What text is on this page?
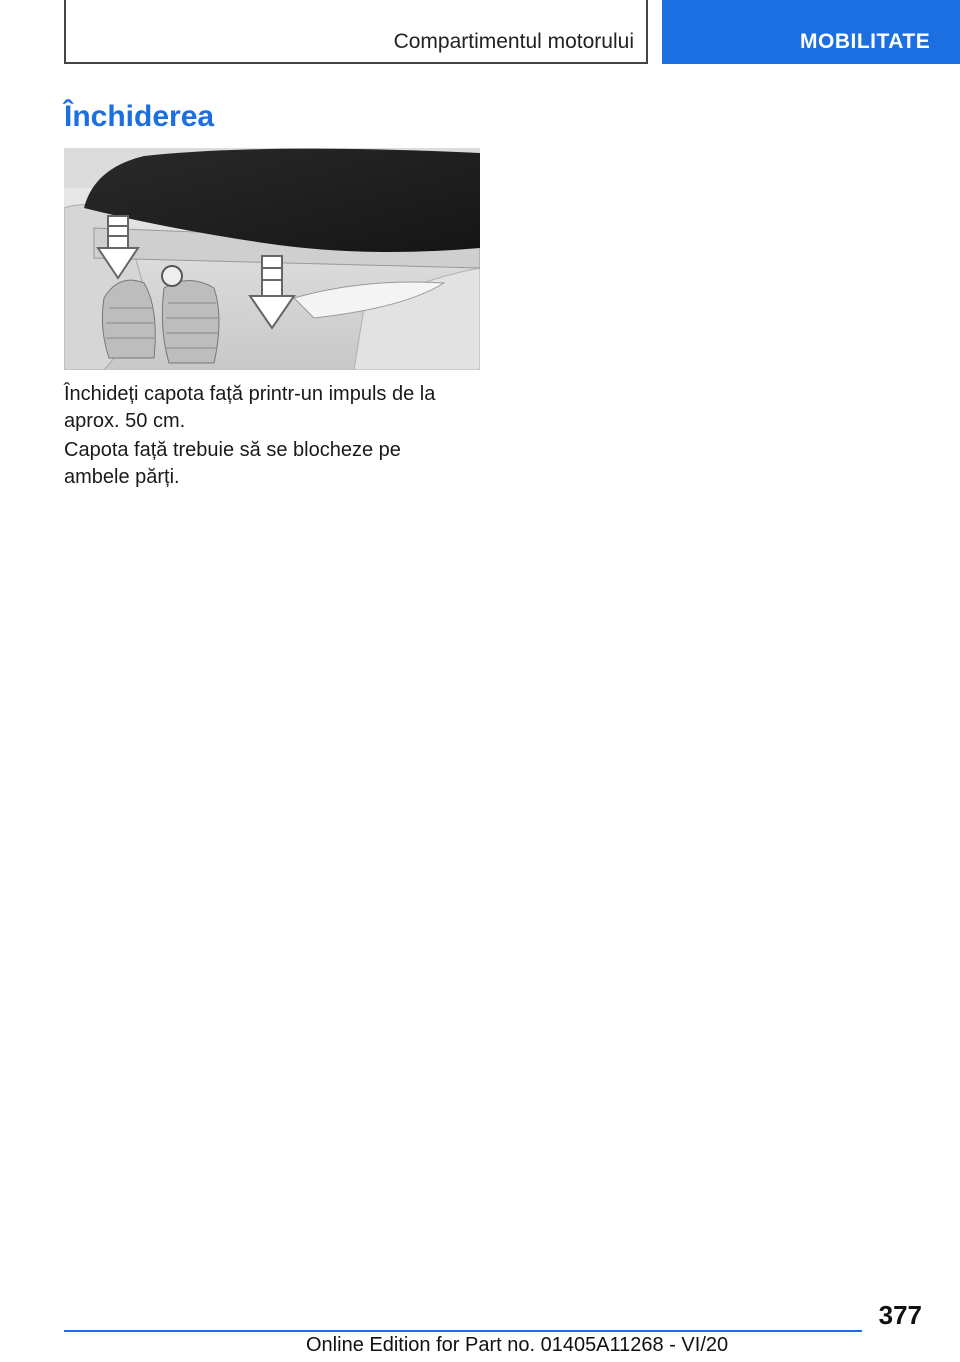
Compartimentul motorului	MOBILITATE
Închiderea

Închideți capota față printr-un impuls de la aprox. 50 cm.

Capota față trebuie să se blocheze pe ambele părți.

377
Online Edition for Part no. 01405A11268 - VI/20
